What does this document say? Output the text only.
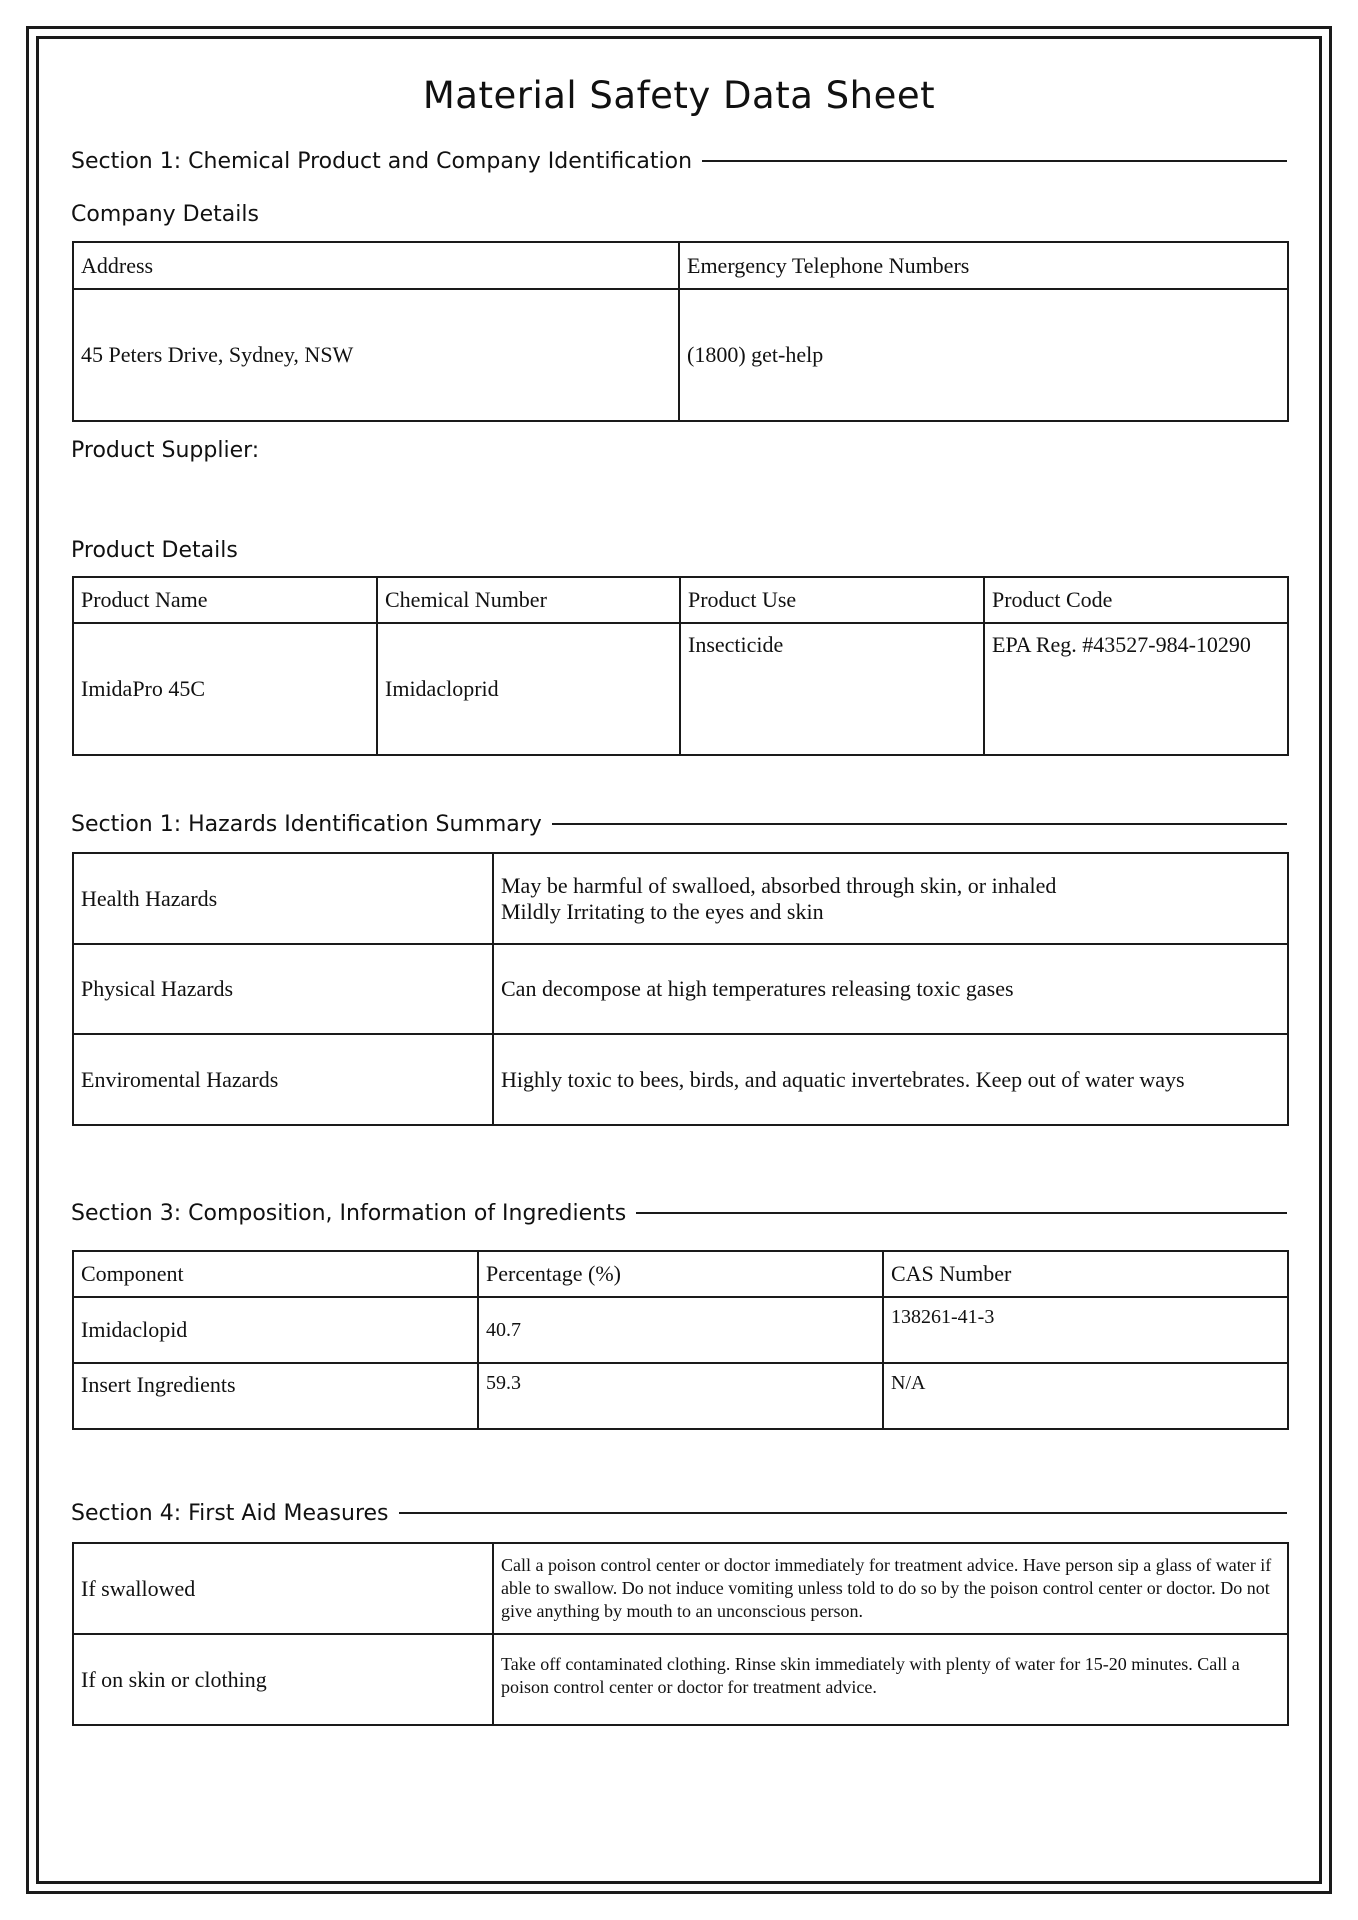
Material Safety Data Sheet
Section 1: Chemical Product and Company Identification
Company Details
Address	Emergency Telephone Numbers
45 Peters Drive, Sydney, NSW	(1800) get-help
Product Supplier:
Product Details
Product Name	Chemical Number	Product Use	Product Code
ImidaPro 45C	Imidacloprid	Insecticide	EPA Reg. #43527-984-10290
Section 1: Hazards Identification Summary
Health Hazards	May be harmful of swalloed, absorbed through skin, or inhaled
Mildly Irritating to the eyes and skin

Physical Hazards	Can decompose at high temperatures releasing toxic gases
Enviromental Hazards	Highly toxic to bees, birds, and aquatic invertebrates. Keep out of water ways
Section 3: Composition, Information of Ingredients
Component	Percentage (%)	CAS Number
Imidaclopid	40.7	138261-41-3
Insert Ingredients	59.3	N/A
Section 4: First Aid Measures
If swallowed	Call a poison control center or doctor immediately for treatment advice. Have person sip a glass of water if able to swallow. Do not induce vomiting unless told to do so by the poison control center or doctor. Do not give anything by mouth to an unconscious person.
If on skin or clothing	Take off contaminated clothing. Rinse skin immediately with plenty of water for 15-20 minutes. Call a poison control center or doctor for treatment advice.
